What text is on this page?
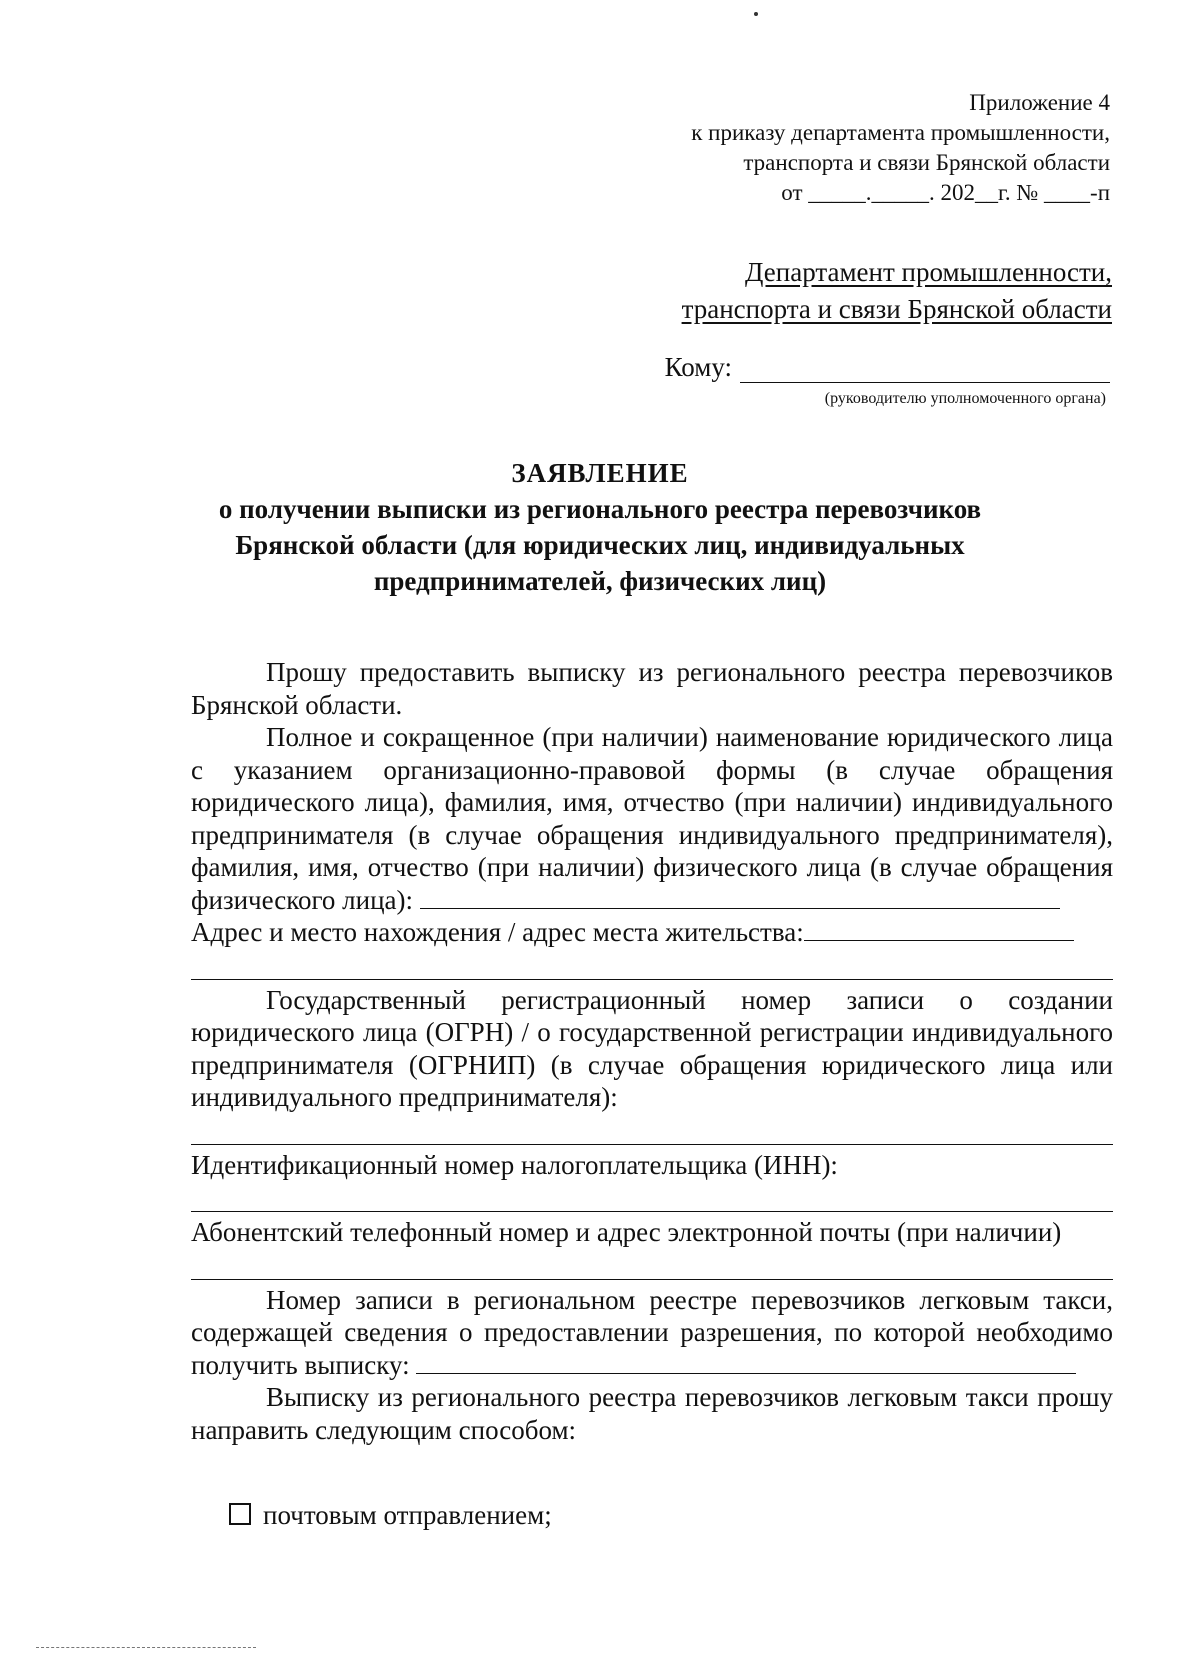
Приложение 4
к приказу департамента промышленности,
транспорта и связи Брянской области
от _____._____. 202__г. № ____-п
Департамент промышленности,
транспорта и связи Брянской области
Кому:
(руководителю уполномоченного органа)
ЗАЯВЛЕНИЕ
о получении выписки из регионального реестра перевозчиков
Брянской области (для юридических лиц, индивидуальных
предпринимателей, физических лиц)

Прошу предоставить выписку из регионального реестра перевозчиков Брянской области.

Полное и сокращенное (при наличии) наименование юридического лица с указанием организационно-правовой формы (в случае обращения юридического лица), фамилия, имя, отчество (при наличии) индивидуального предпринимателя (в случае обращения индивидуального предпринимателя), фамилия, имя, отчество (при наличии) физического лица (в случае обращения физического лица):

Адрес и место нахождения / адрес места жительства:

Государственный регистрационный номер записи о создании юридического лица (ОГРН) / о государственной регистрации индивидуального предпринимателя (ОГРНИП) (в случае обращения юридического лица или индивидуального предпринимателя):

Идентификационный номер налогоплательщика (ИНН):

Абонентский телефонный номер и адрес электронной почты (при наличии)

Номер записи в региональном реестре перевозчиков легковым такси, содержащей сведения о предоставлении разрешения, по которой необходимо получить выписку:

Выписку из регионального реестра перевозчиков легковым такси прошу направить следующим способом:

почтовым отправлением;
